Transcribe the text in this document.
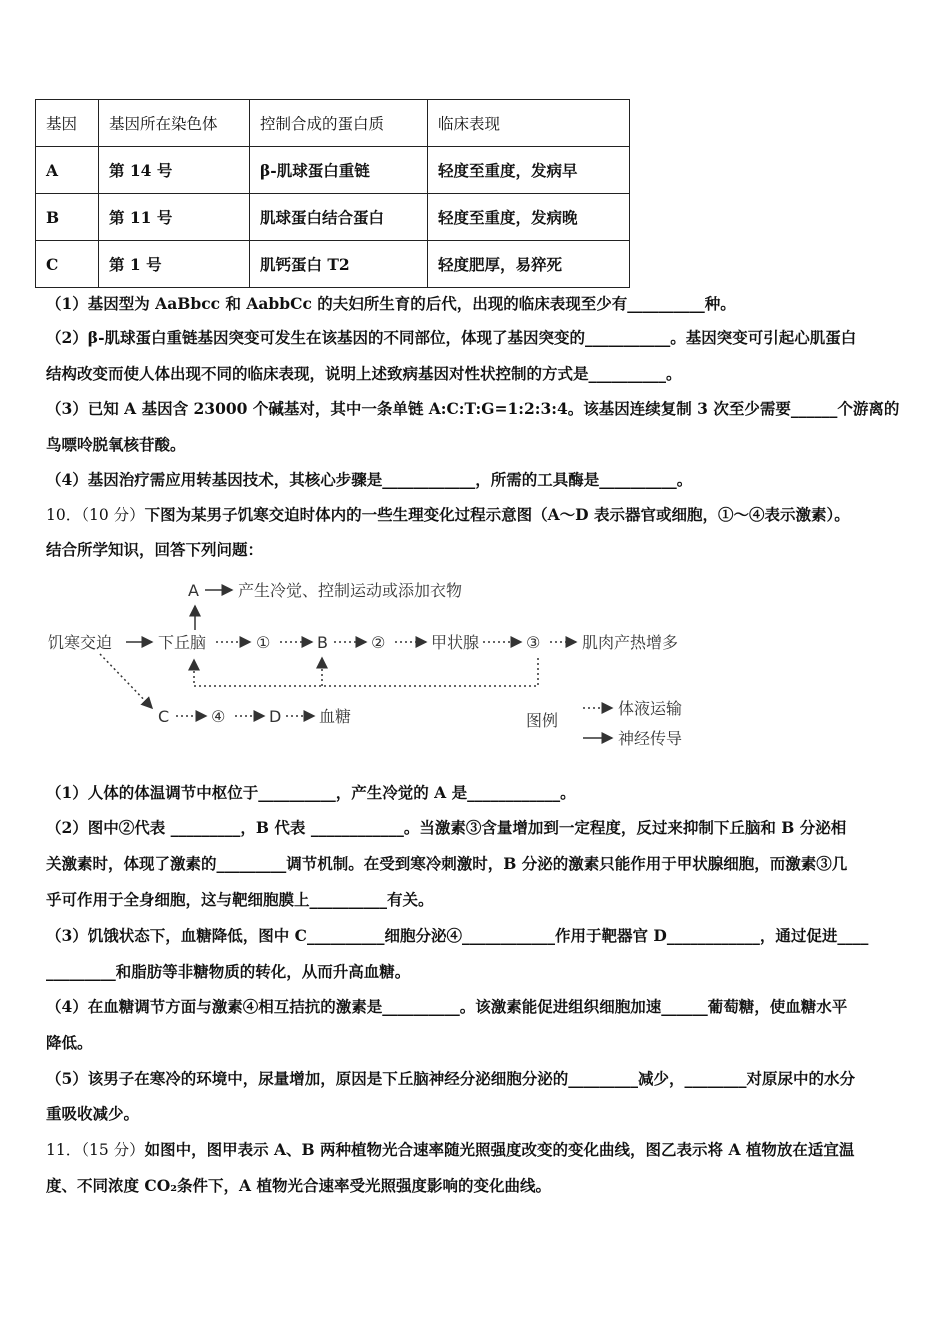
基因	基因所在染色体	控制合成的蛋白质	临床表现
A	第 14 号	β-肌球蛋白重链	轻度至重度，发病早
B	第 11 号	肌球蛋白结合蛋白	轻度至重度，发病晚
C	第 1 号	肌钙蛋白 T2	轻度肥厚，易猝死
（1）基因型为 AaBbcc 和 AabbCc 的夫妇所生育的后代，出现的临床表现至少有__________种。
（2）β-肌球蛋白重链基因突变可发生在该基因的不同部位，体现了基因突变的___________。基因突变可引起心肌蛋白
结构改变而使人体出现不同的临床表现，说明上述致病基因对性状控制的方式是__________。
（3）已知 A 基因含 23000 个碱基对，其中一条单链 A:C:T:G=1:2:3:4。该基因连续复制 3 次至少需要______个游离的
鸟嘌呤脱氧核苷酸。
（4）基因治疗需应用转基因技术，其核心步骤是____________，所需的工具酶是__________。
10．（10 分）下图为某男子饥寒交迫时体内的一些生理变化过程示意图（A～D 表示器官或细胞，①～④表示激素）。
结合所学知识，回答下列问题：
A 产生冷觉、控制运动或添加衣物
饥寒交迫	下丘脑	①	B	②	甲状腺	③	肌肉产热增多
C	④	D 血糖	图例
体液运输
神经传导
（1）人体的体温调节中枢位于__________，产生冷觉的 A 是____________。
（2）图中②代表 _________，B 代表 ____________。当激素③含量增加到一定程度，反过来抑制下丘脑和 B 分泌相
关激素时，体现了激素的_________调节机制。在受到寒冷刺激时，B 分泌的激素只能作用于甲状腺细胞，而激素③几
乎可作用于全身细胞，这与靶细胞膜上__________有关。
（3）饥饿状态下，血糖降低，图中 C__________细胞分泌④____________作用于靶器官 D____________，通过促进____
_________和脂肪等非糖物质的转化，从而升高血糖。
（4）在血糖调节方面与激素④相互拮抗的激素是__________。该激素能促进组织细胞加速______葡萄糖，使血糖水平
降低。
（5）该男子在寒冷的环境中，尿量增加，原因是下丘脑神经分泌细胞分泌的_________减少，________对原尿中的水分
重吸收减少。
11．（15 分）如图中，图甲表示 A、B 两种植物光合速率随光照强度改变的变化曲线，图乙表示将 A 植物放在适宜温
度、不同浓度 CO₂条件下，A 植物光合速率受光照强度影响的变化曲线。
